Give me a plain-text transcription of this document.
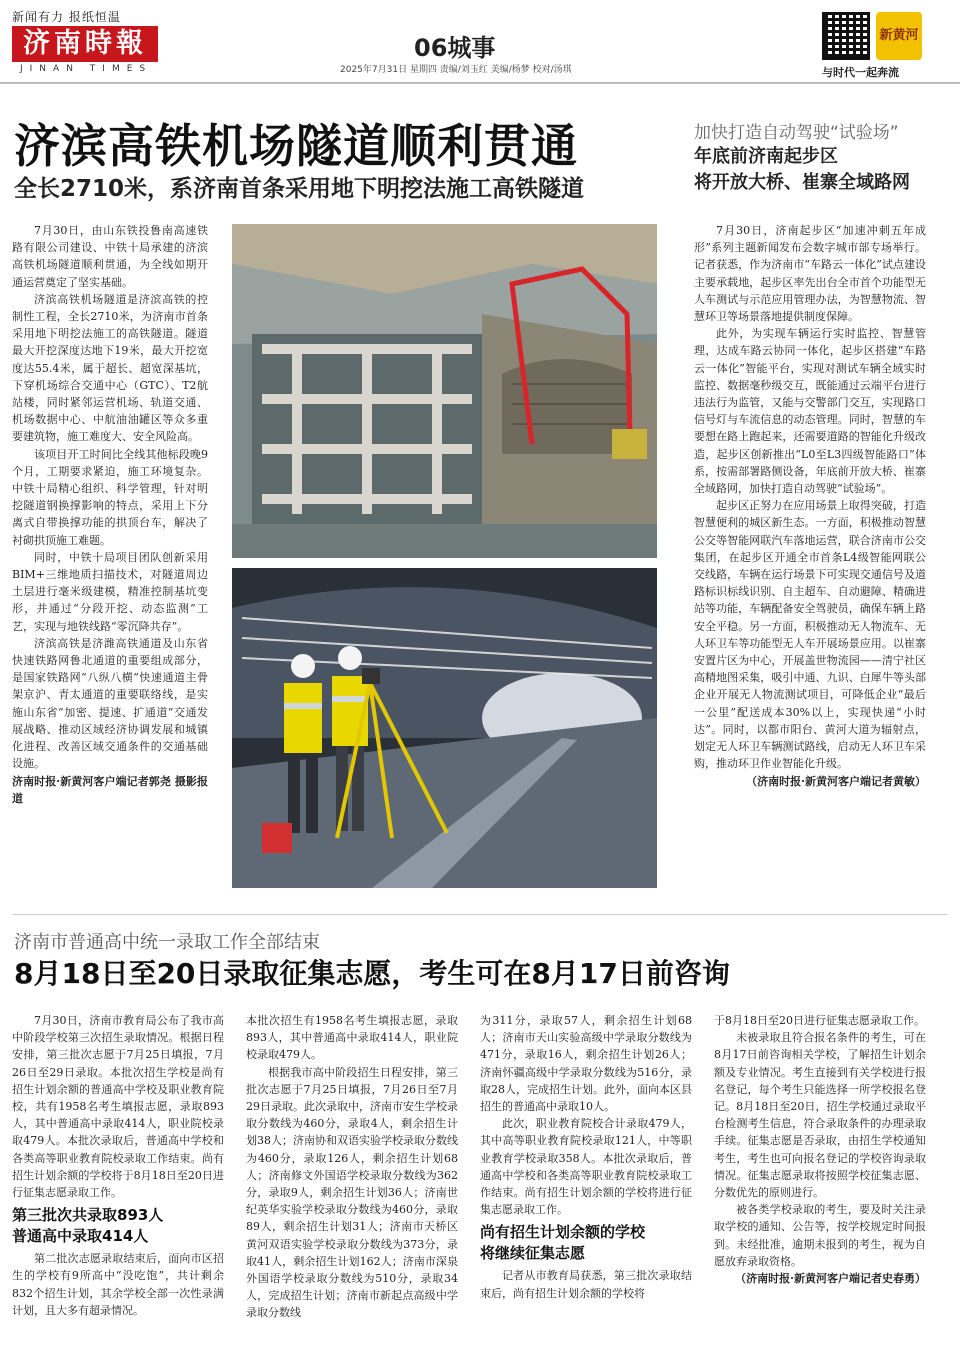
新闻有力 报纸恒温
济南時報
JINAN TIMES
06城事
2025年7月31日 星期四 责编/刘玉红 美编/杨梦 校对/汤琪
新黄河
与时代一起奔流
济滨高铁机场隧道顺利贯通
全长2710米，系济南首条采用地下明挖法施工高铁隧道

7月30日，由山东铁投鲁南高速铁路有限公司建设、中铁十局承建的济滨高铁机场隧道顺利贯通，为全线如期开通运营奠定了坚实基础。

济滨高铁机场隧道是济滨高铁的控制性工程，全长2710米，为济南市首条采用地下明挖法施工的高铁隧道。隧道最大开挖深度达地下19米，最大开挖宽度达55.4米，属于超长、超宽深基坑，下穿机场综合交通中心（GTC）、T2航站楼，同时紧邻运营机场、轨道交通、机场数据中心、中航油油罐区等众多重要建筑物，施工难度大、安全风险高。

该项目开工时间比全线其他标段晚9个月，工期要求紧迫，施工环境复杂。中铁十局精心组织、科学管理，针对明挖隧道钢换撑影响的特点，采用上下分离式自带换撑功能的拱顶台车，解决了衬砌拱顶施工难题。

同时，中铁十局项目团队创新采用BIM+三维地质扫描技术，对隧道周边土层进行毫米级建模，精准控制基坑变形，并通过“分段开挖、动态监测”工艺，实现与地铁线路“零沉降共存”。

济滨高铁是济潍高铁通道及山东省快速铁路网鲁北通道的重要组成部分，是国家铁路网“八纵八横”快速通道主骨架京沪、青太通道的重要联络线，是实施山东省“加密、提速、扩通道”交通发展战略、推动区域经济协调发展和城镇化进程、改善区域交通条件的交通基础设施。

济南时报·新黄河客户端记者郭尧 摄影报道

加快打造自动驾驶“试验场”
年底前济南起步区
将开放大桥、崔寨全域路网

7月30日，济南起步区“加速冲刺五年成形”系列主题新闻发布会数字城市部专场举行。记者获悉，作为济南市“车路云一体化”试点建设主要承载地，起步区率先出台全市首个功能型无人车测试与示范应用管理办法，为智慧物流、智慧环卫等场景落地提供制度保障。

此外，为实现车辆运行实时监控、智慧管理，达成车路云协同一体化，起步区搭建“车路云一体化”智能平台，实现对测试车辆全域实时监控、数据毫秒级交互，既能通过云端平台进行违法行为监管，又能与交警部门交互，实现路口信号灯与车流信息的动态管理。同时，智慧的车要想在路上跑起来，还需要道路的智能化升级改造，起步区创新推出“L0至L3四级智能路口”体系，按需部署路侧设备，年底前开放大桥、崔寨全域路网，加快打造自动驾驶“试验场”。

起步区正努力在应用场景上取得突破，打造智慧便利的城区新生态。一方面，积极推动智慧公交等智能网联汽车落地运营，联合济南市公交集团，在起步区开通全市首条L4级智能网联公交线路，车辆在运行场景下可实现交通信号及道路标识标线识别、自主超车、自动避障、精确进站等功能，车辆配备安全驾驶员，确保车辆上路安全平稳。另一方面，积极推动无人物流车、无人环卫车等功能型无人车开展场景应用。以崔寨安置片区为中心，开展盖世物流园——清宁社区高精地图采集，吸引中通、九识、白犀牛等头部企业开展无人物流测试项目，可降低企业“最后一公里”配送成本30%以上，实现快递“小时达”。同时，以都市阳台、黄河大道为辐射点，划定无人环卫车辆测试路线，启动无人环卫车采购，推动环卫作业智能化升级。

（济南时报·新黄河客户端记者黄敏）

济南市普通高中统一录取工作全部结束
8月18日至20日录取征集志愿，考生可在8月17日前咨询

7月30日，济南市教育局公布了我市高中阶段学校第三次招生录取情况。根据日程安排，第三批次志愿于7月25日填报，7月26日至29日录取。本批次招生学校是尚有招生计划余额的普通高中学校及职业教育院校，共有1958名考生填报志愿，录取893人，其中普通高中录取414人，职业院校录取479人。本批次录取后，普通高中学校和各类高等职业教育院校录取工作结束。尚有招生计划余额的学校将于8月18日至20日进行征集志愿录取工作。

第三批次共录取893人
普通高中录取414人

第二批次志愿录取结束后，面向市区招生的学校有9所高中“没吃饱”，共计剩余832个招生计划，其余学校全部一次性录满计划，且大多有超录情况。

本批次招生有1958名考生填报志愿，录取893人，其中普通高中录取414人，职业院校录取479人。

根据我市高中阶段招生日程安排，第三批次志愿于7月25日填报，7月26日至7月29日录取。此次录取中，济南市安生学校录取分数线为460分，录取4人，剩余招生计划38人；济南协和双语实验学校录取分数线为460分，录取126人，剩余招生计划68人；济南修文外国语学校录取分数线为362分，录取9人，剩余招生计划36人；济南世纪英华实验学校录取分数线为460分，录取89人，剩余招生计划31人；济南市天桥区黄河双语实验学校录取分数线为373分，录取41人，剩余招生计划162人；济南市深泉外国语学校录取分数线为510分，录取34人，完成招生计划；济南市新起点高级中学录取分数线

为311分，录取57人，剩余招生计划68人；济南市天山实验高级中学录取分数线为471分，录取16人，剩余招生计划26人；济南怀疆高级中学录取分数线为516分，录取28人，完成招生计划。此外，面向本区县招生的普通高中录取10人。

此次，职业教育院校合计录取479人，其中高等职业教育院校录取121人，中等职业教育学校录取358人。本批次录取后，普通高中学校和各类高等职业教育院校录取工作结束。尚有招生计划余额的学校将进行征集志愿录取工作。

尚有招生计划余额的学校
将继续征集志愿

记者从市教育局获悉，第三批次录取结束后，尚有招生计划余额的学校将

于8月18日至20日进行征集志愿录取工作。

未被录取且符合报名条件的考生，可在8月17日前咨询相关学校，了解招生计划余额及专业情况。考生直接到有关学校进行报名登记，每个考生只能选择一所学校报名登记。8月18日至20日，招生学校通过录取平台检测考生信息，符合录取条件的办理录取手续。征集志愿是否录取，由招生学校通知考生，考生也可向报名登记的学校咨询录取情况。征集志愿录取将按照学校征集志愿、分数优先的原则进行。

被各类学校录取的考生，要及时关注录取学校的通知、公告等，按学校规定时间报到。未经批准，逾期未报到的考生，视为自愿放弃录取资格。

（济南时报·新黄河客户端记者史春勇）
